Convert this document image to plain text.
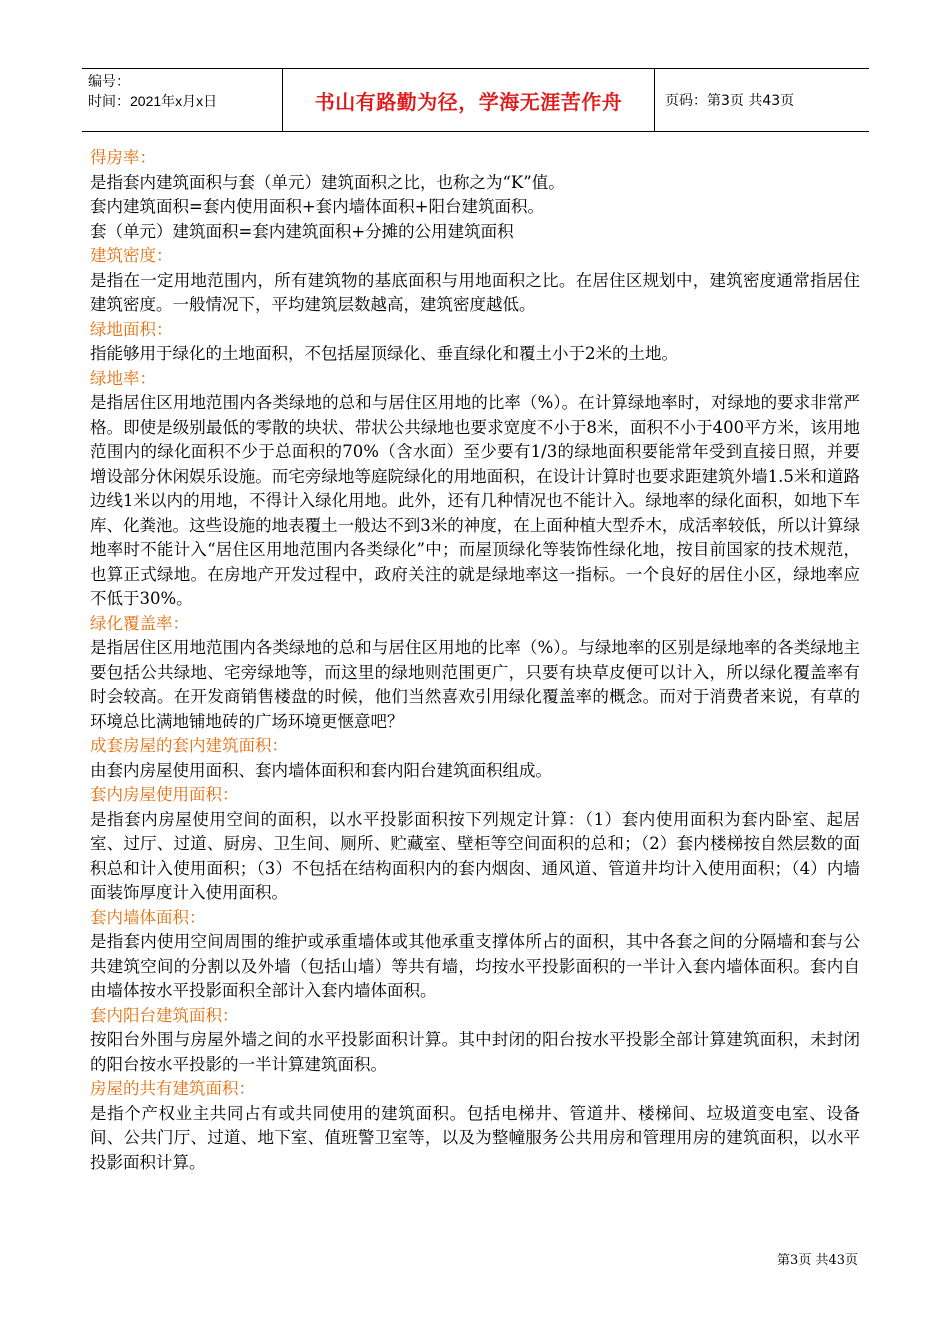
编号：
时间：2021年x月x日	书山有路勤为径，学海无涯苦作舟	页码：第3页 共43页

得房率：

是指套内建筑面积与套（单元）建筑面积之比，也称之为“K”值。

套内建筑面积=套内使用面积+套内墙体面积+阳台建筑面积。

套（单元）建筑面积=套内建筑面积+分摊的公用建筑面积

建筑密度：

是指在一定用地范围内，所有建筑物的基底面积与用地面积之比。在居住区规划中，建筑密度通常指居住建筑密度。一般情况下，平均建筑层数越高，建筑密度越低。

绿地面积：

指能够用于绿化的土地面积，不包括屋顶绿化、垂直绿化和覆土小于2米的土地。

绿地率：

是指居住区用地范围内各类绿地的总和与居住区用地的比率（%）。在计算绿地率时，对绿地的要求非常严格。即使是级别最低的零散的块状、带状公共绿地也要求宽度不小于8米，面积不小于400平方米，该用地范围内的绿化面积不少于总面积的70%（含水面）至少要有1/3的绿地面积要能常年受到直接日照，并要增设部分休闲娱乐设施。而宅旁绿地等庭院绿化的用地面积，在设计计算时也要求距建筑外墙1.5米和道路边线1米以内的用地，不得计入绿化用地。此外，还有几种情况也不能计入。绿地率的绿化面积，如地下车库、化粪池。这些设施的地表覆土一般达不到3米的神度，在上面种植大型乔木，成活率较低，所以计算绿地率时不能计入“居住区用地范围内各类绿化”中；而屋顶绿化等装饰性绿化地，按目前国家的技术规范，也算正式绿地。在房地产开发过程中，政府关注的就是绿地率这一指标。一个良好的居住小区，绿地率应不低于30%。

绿化覆盖率：

是指居住区用地范围内各类绿地的总和与居住区用地的比率（%）。与绿地率的区别是绿地率的各类绿地主要包括公共绿地、宅旁绿地等，而这里的绿地则范围更广，只要有块草皮便可以计入，所以绿化覆盖率有时会较高。在开发商销售楼盘的时候，他们当然喜欢引用绿化覆盖率的概念。而对于消费者来说，有草的环境总比满地铺地砖的广场环境更惬意吧？

成套房屋的套内建筑面积：

由套内房屋使用面积、套内墙体面积和套内阳台建筑面积组成。

套内房屋使用面积：

是指套内房屋使用空间的面积，以水平投影面积按下列规定计算：（1）套内使用面积为套内卧室、起居室、过厅、过道、厨房、卫生间、厕所、贮藏室、壁柜等空间面积的总和；（2）套内楼梯按自然层数的面积总和计入使用面积；（3）不包括在结构面积内的套内烟囱、通风道、管道井均计入使用面积；（4）内墙面装饰厚度计入使用面积。

套内墙体面积：

是指套内使用空间周围的维护或承重墙体或其他承重支撑体所占的面积，其中各套之间的分隔墙和套与公共建筑空间的分割以及外墙（包括山墙）等共有墙，均按水平投影面积的一半计入套内墙体面积。套内自由墙体按水平投影面积全部计入套内墙体面积。

套内阳台建筑面积：

按阳台外围与房屋外墙之间的水平投影面积计算。其中封闭的阳台按水平投影全部计算建筑面积，未封闭的阳台按水平投影的一半计算建筑面积。

房屋的共有建筑面积：

是指个产权业主共同占有或共同使用的建筑面积。包括电梯井、管道井、楼梯间、垃圾道变电室、设备间、公共门厅、过道、地下室、值班警卫室等，以及为整幢服务公共用房和管理用房的建筑面积，以水平投影面积计算。

第3页 共43页
